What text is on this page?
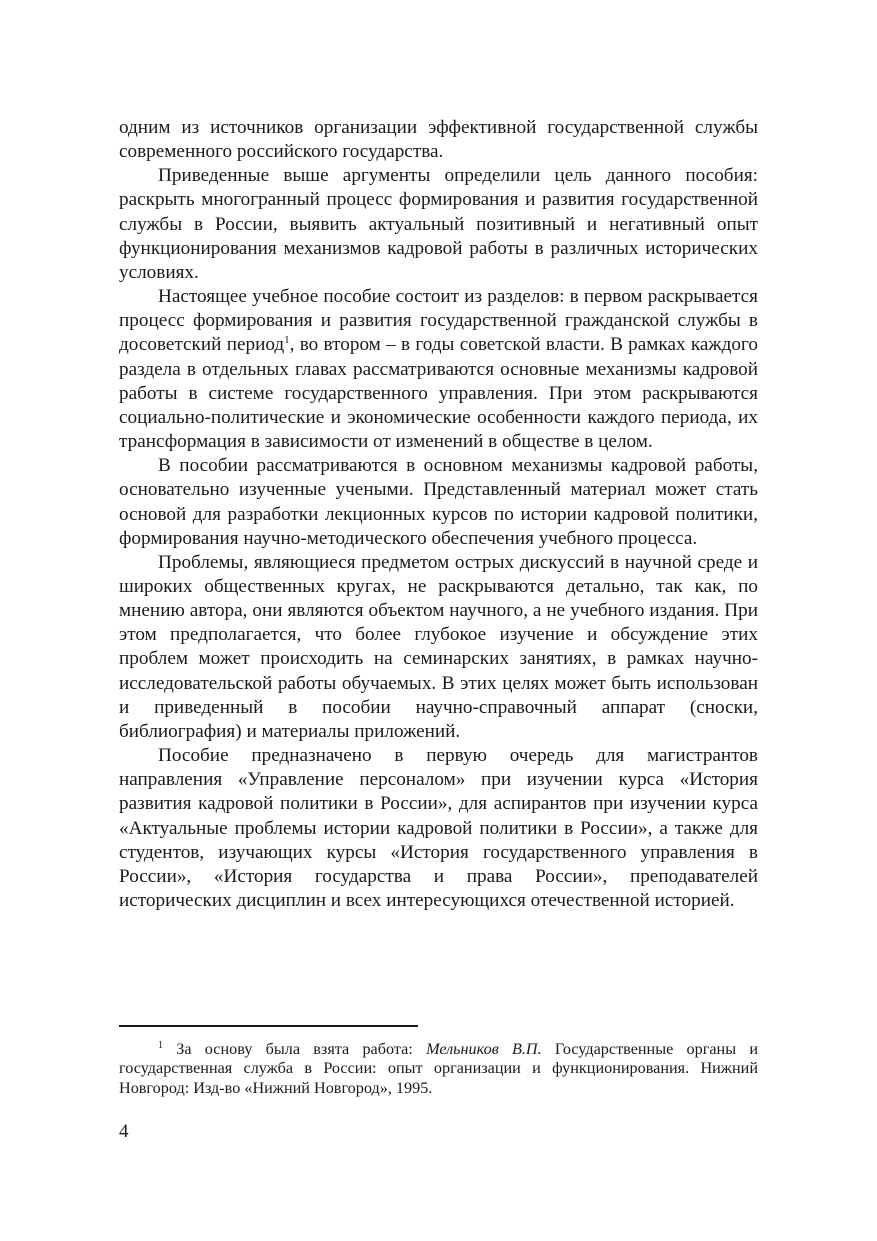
одним из источников организации эффективной государственной службы современного российского государства.

Приведенные выше аргументы определили цель данного пособия: раскрыть многогранный процесс формирования и развития государственной службы в России, выявить актуальный позитивный и негативный опыт функционирования механизмов кадровой работы в различных исторических условиях.

Настоящее учебное пособие состоит из разделов: в первом раскрывается процесс формирования и развития государственной гражданской службы в досоветский период$^1$, во втором – в годы советской власти. В рамках каждого раздела в отдельных главах рассматриваются основные механизмы кадровой работы в системе государственного управления. При этом раскрываются социально-политические и экономические особенности каждого периода, их трансформация в зависимости от изменений в обществе в целом.

В пособии рассматриваются в основном механизмы кадровой работы, основательно изученные учеными. Представленный материал может стать основой для разработки лекционных курсов по истории кадровой политики, формирования научно-методического обеспечения учебного процесса.

Проблемы, являющиеся предметом острых дискуссий в научной среде и широких общественных кругах, не раскрываются детально, так как, по мнению автора, они являются объектом научного, а не учебного издания. При этом предполагается, что более глубокое изучение и обсуждение этих проблем может происходить на семинарских занятиях, в рамках научно-исследовательской работы обучаемых. В этих целях может быть использован и приведенный в пособии научно-справочный аппарат (сноски, библиография) и материалы приложений.

Пособие предназначено в первую очередь для магистрантов направления «Управление персоналом» при изучении курса «История развития кадровой политики в России», для аспирантов при изучении курса «Актуальные проблемы истории кадровой политики в России», а также для студентов, изучающих курсы «История государственного управления в России», «История государства и права России», преподавателей исторических дисциплин и всех интересующихся отечественной историей.

$^1$ За основу была взята работа: Мельников В.П. Государственные органы и государственная служба в России: опыт организации и функционирования. Нижний Новгород: Изд-во «Нижний Новгород», 1995.

4
